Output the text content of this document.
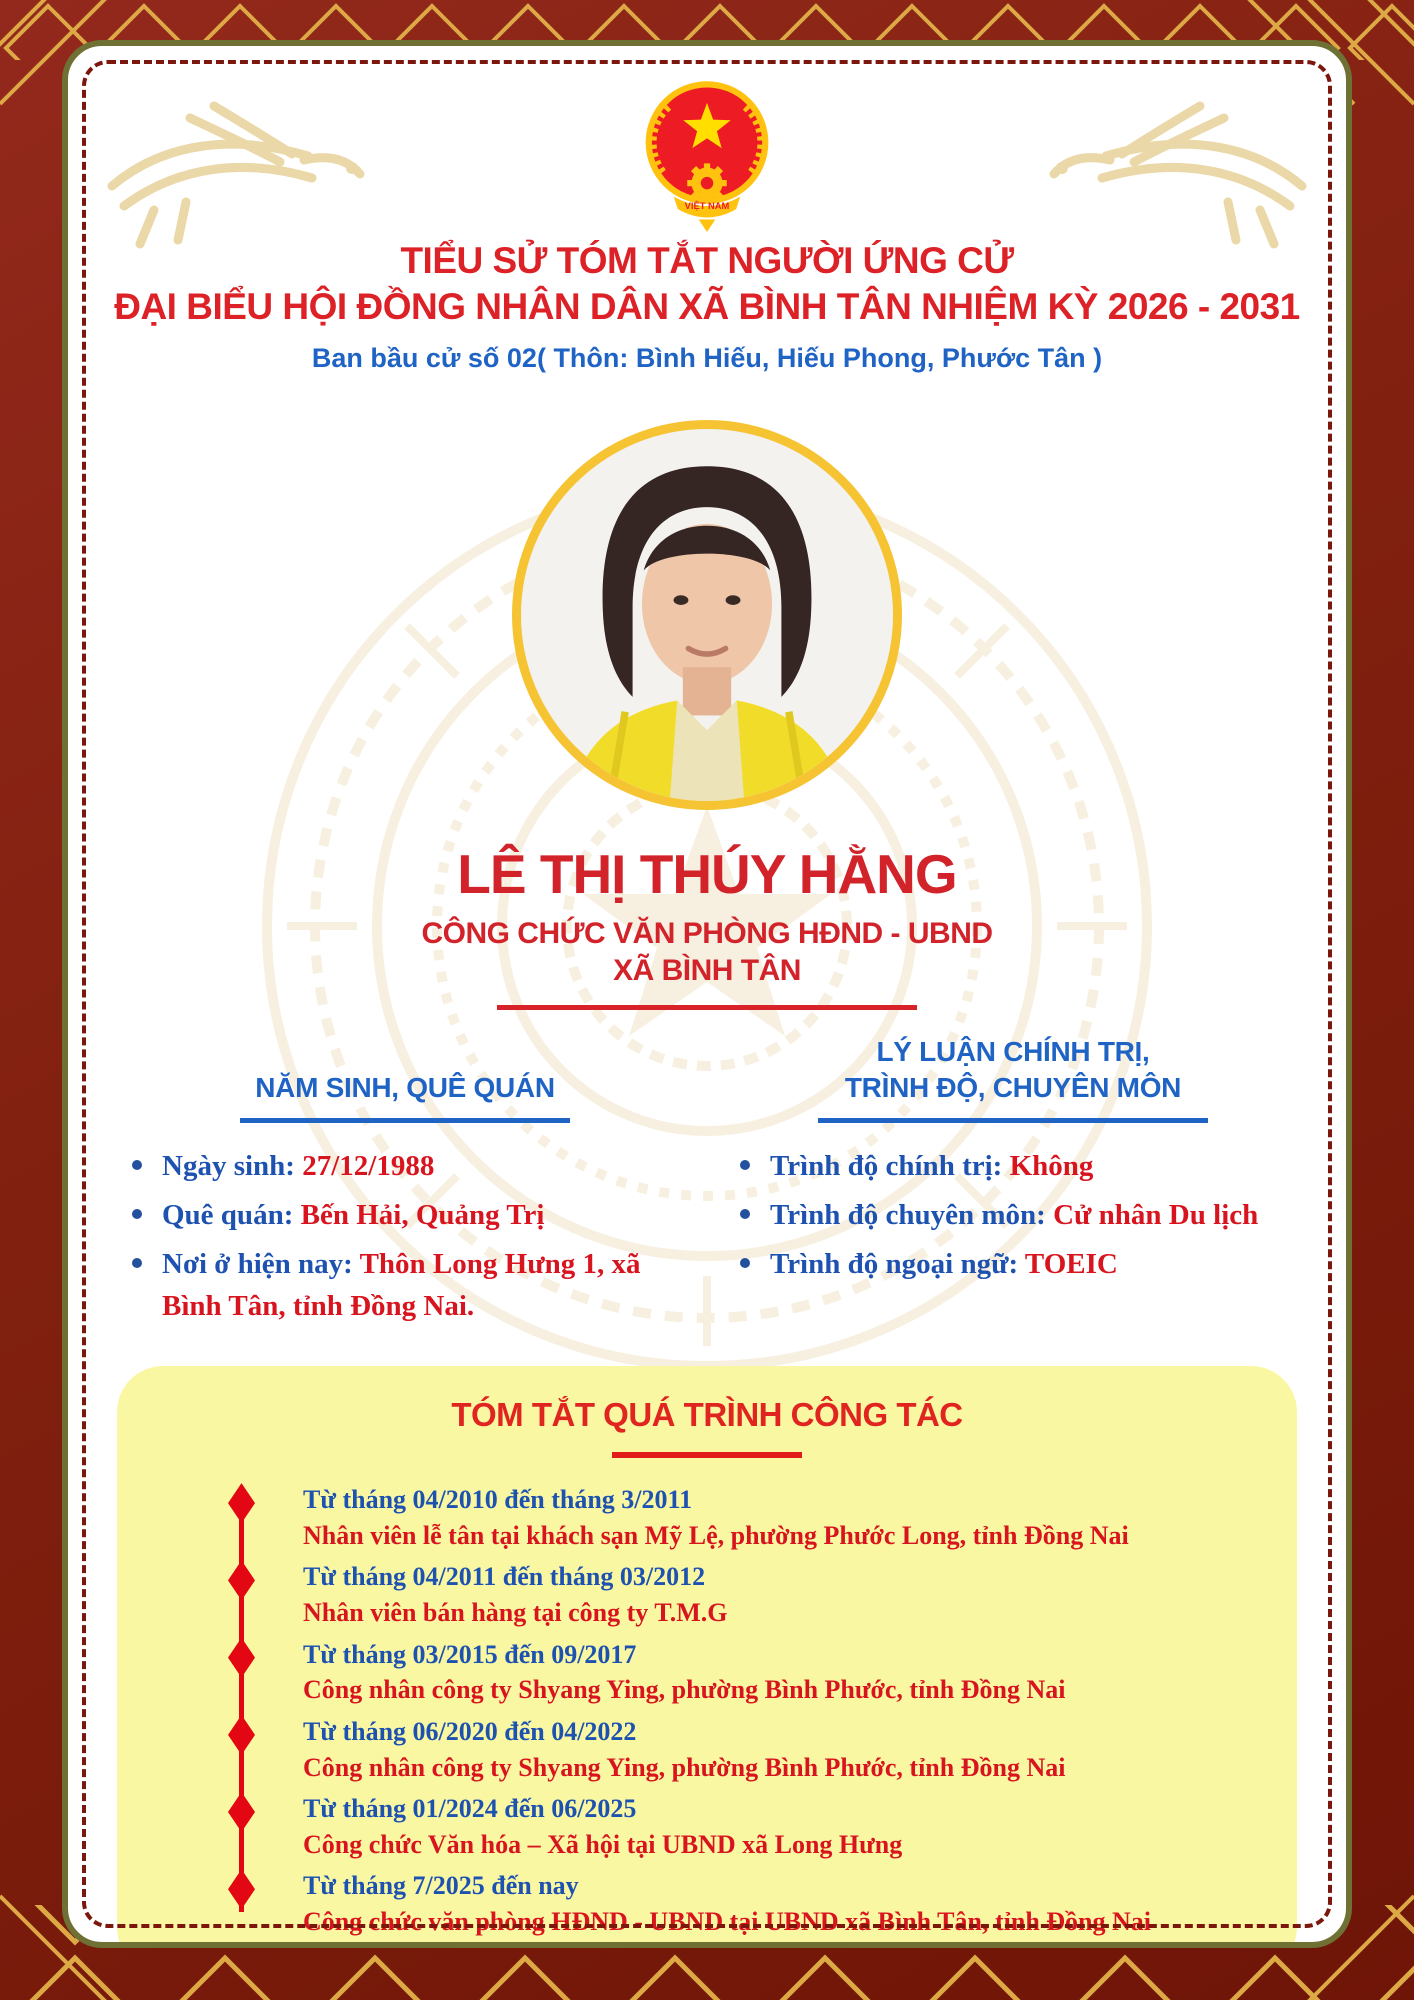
VIỆT NAM
TIỂU SỬ TÓM TẮT NGƯỜI ỨNG CỬ
ĐẠI BIỂU HỘI ĐỒNG NHÂN DÂN XÃ BÌNH TÂN NHIỆM KỲ 2026 - 2031
Ban bầu cử số 02( Thôn: Bình Hiếu, Hiếu Phong, Phước Tân )
LÊ THỊ THÚY HẰNG
CÔNG CHỨC VĂN PHÒNG HĐND - UBND
XÃ BÌNH TÂN
NĂM SINH, QUÊ QUÁN
Ngày sinh: 27/12/1988
Quê quán: Bến Hải, Quảng Trị
Nơi ở hiện nay: Thôn Long Hưng 1, xã Bình Tân, tỉnh Đồng Nai.
LÝ LUẬN CHÍNH TRỊ,
TRÌNH ĐỘ, CHUYÊN MÔN
Trình độ chính trị: Không
Trình độ chuyên môn: Cử nhân Du lịch
Trình độ ngoại ngữ: TOEIC
TÓM TẮT QUÁ TRÌNH CÔNG TÁC
Từ tháng 04/2010 đến tháng 3/2011
Nhân viên lễ tân tại khách sạn Mỹ Lệ, phường Phước Long, tỉnh Đồng Nai
Từ tháng 04/2011 đến tháng 03/2012
Nhân viên bán hàng tại công ty T.M.G
Từ tháng 03/2015 đến 09/2017
Công nhân công ty Shyang Ying, phường Bình Phước, tỉnh Đồng Nai
Từ tháng 06/2020 đến 04/2022
Công nhân công ty Shyang Ying, phường Bình Phước, tỉnh Đồng Nai
Từ tháng 01/2024 đến 06/2025
Công chức Văn hóa – Xã hội tại UBND xã Long Hưng
Từ tháng 7/2025 đến nay
Công chức văn phòng HĐND - UBND tại UBND xã Bình Tân, tỉnh Đồng Nai
